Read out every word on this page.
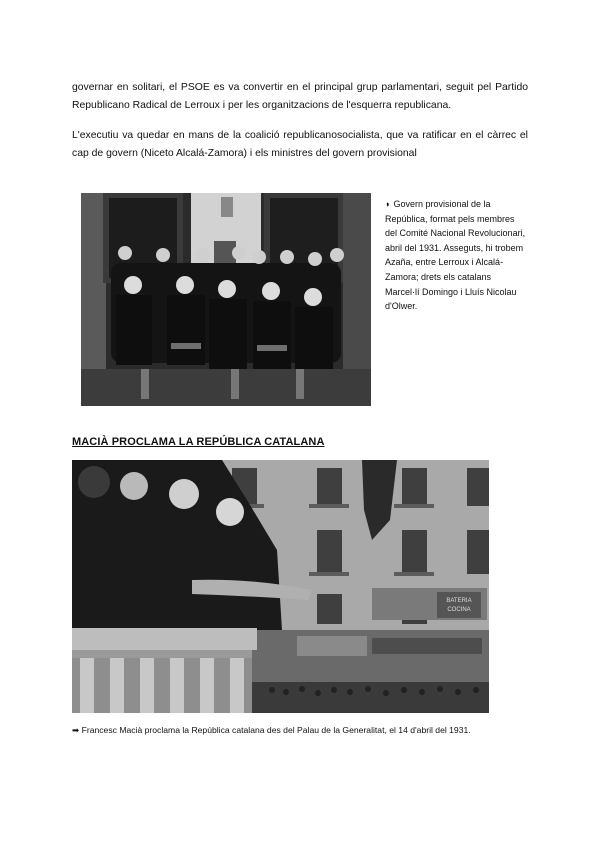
governar en solitari, el PSOE es va convertir en el principal grup parlamentari, seguit pel Partido Republicano Radical de Lerroux i per les organitzacions de l'esquerra republicana.

L'executiu va quedar en mans de la coalició republicanosocialista, que va ratificar en el càrrec el cap de govern (Niceto Alcalá-Zamora) i els ministres del govern provisional

◗ Govern provisional de la República, format pels membres del Comité Nacional Revolucionari, abril del 1931. Asseguts, hi trobem Azaña, entre Lerroux i Alcalá-Zamora; drets els catalans Marcel·lí Domingo i Lluís Nicolau d'Olwer.
MACIÀ PROCLAMA LA REPÚBLICA CATALANA
BATERIA
COCINA
➡ Francesc Macià proclama la República catalana des del Palau de la Generalitat, el 14 d'abril del 1931.
